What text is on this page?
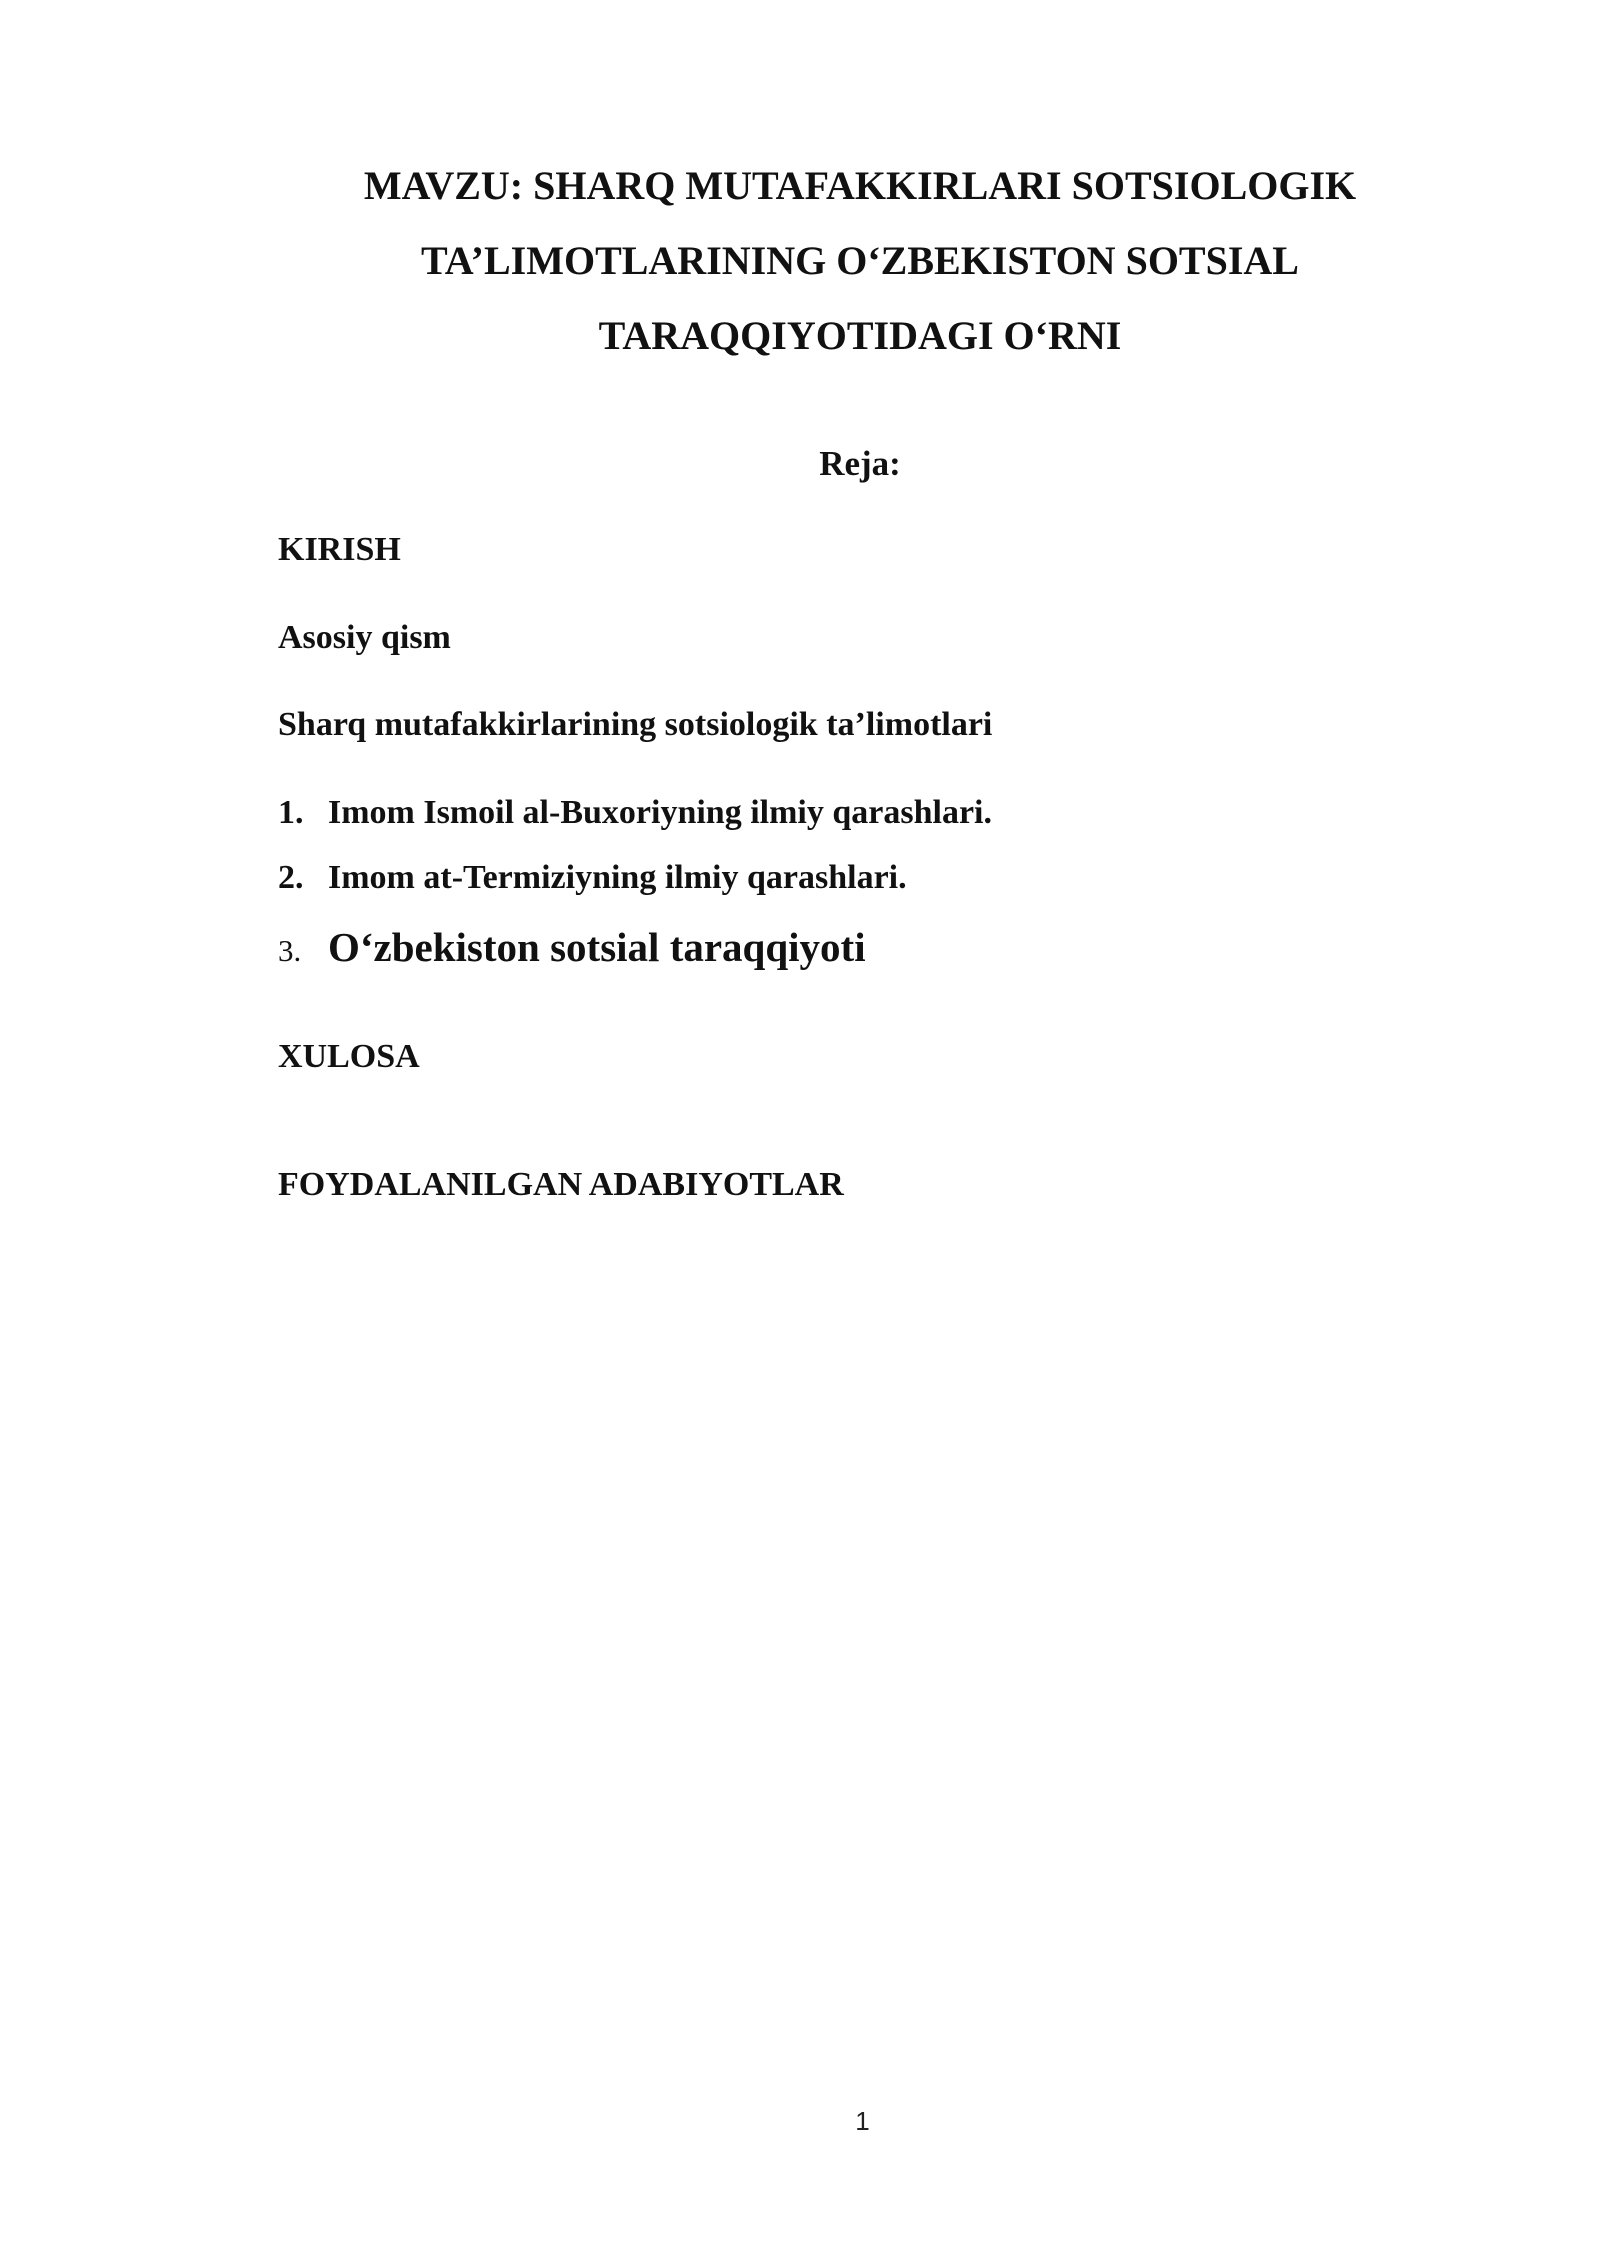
MAVZU: SHARQ MUTAFAKKIRLARI SOTSIOLOGIK
TA’LIMOTLARINING O‘ZBEKISTON SOTSIAL
TARAQQIYOTIDAGI O‘RNI

Reja:

KIRISH

Asosiy qism

Sharq mutafakkirlarining sotsiologik ta’limotlari

1. Imom Ismoil al-Buxoriyning ilmiy qarashlari.

2. Imom at-Termiziyning ilmiy qarashlari.

3. O‘zbekiston sotsial taraqqiyoti

XULOSA

FOYDALANILGAN ADABIYOTLAR

1
